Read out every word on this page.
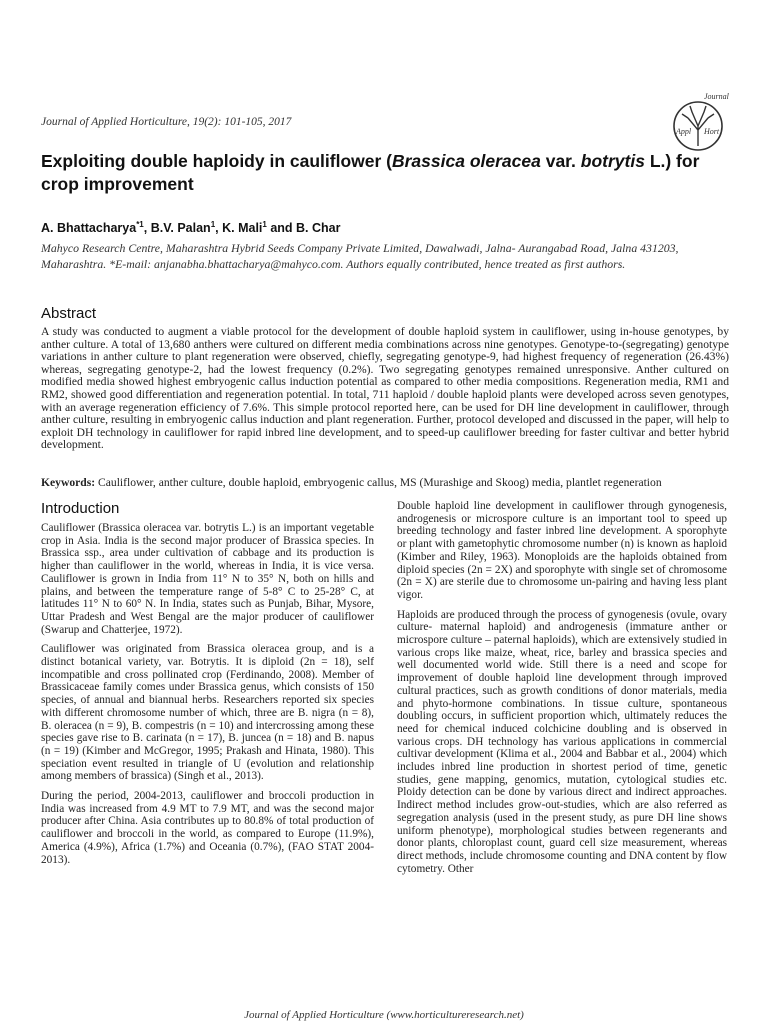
Journal of Applied Horticulture, 19(2): 101-105, 2017
Journal
Appl Hort
Exploiting double haploidy in cauliflower (Brassica oleracea var. botrytis L.) for crop improvement
A. Bhattacharya$^{*1}$, B.V. Palan$^1$, K. Mali$^1$ and B. Char
Mahyco Research Centre, Maharashtra Hybrid Seeds Company Private Limited, Dawalwadi, Jalna- Aurangabad Road, Jalna 431203, Maharashtra. *E-mail: anjanabha.bhattacharya@mahyco.com. Authors equally contributed, hence treated as first authors.
Abstract
A study was conducted to augment a viable protocol for the development of double haploid system in cauliflower, using in-house genotypes, by anther culture. A total of 13,680 anthers were cultured on different media combinations across nine genotypes. Genotype-to-(segregating) genotype variations in anther culture to plant regeneration were observed, chiefly, segregating genotype-9, had highest frequency of regeneration (26.43%) whereas, segregating genotype-2, had the lowest frequency (0.2%). Two segregating genotypes remained unresponsive. Anther cultured on modified media showed highest embryogenic callus induction potential as compared to other media compositions. Regeneration media, RM1 and RM2, showed good differentiation and regeneration potential. In total, 711 haploid / double haploid plants were developed across seven genotypes, with an average regeneration efficiency of 7.6%. This simple protocol reported here, can be used for DH line development in cauliflower, through anther culture, resulting in embryogenic callus induction and plant regeneration. Further, protocol developed and discussed in the paper, will help to exploit DH technology in cauliflower for rapid inbred line development, and to speed-up cauliflower breeding for faster cultivar and better hybrid development.
Keywords: Cauliflower, anther culture, double haploid, embryogenic callus, MS (Murashige and Skoog) media, plantlet regeneration
Introduction

Cauliflower (Brassica oleracea var. botrytis L.) is an important vegetable crop in Asia. India is the second major producer of Brassica species. In Brassica ssp., area under cultivation of cabbage and its production is higher than cauliflower in the world, whereas in India, it is vice versa. Cauliflower is grown in India from 11° N to 35° N, both on hills and plains, and between the temperature range of 5-8° C to 25-28° C, at latitudes 11° N to 60° N. In India, states such as Punjab, Bihar, Mysore, Uttar Pradesh and West Bengal are the major producer of cauliflower (Swarup and Chatterjee, 1972).

Cauliflower was originated from Brassica oleracea group, and is a distinct botanical variety, var. Botrytis. It is diploid (2n = 18), self incompatible and cross pollinated crop (Ferdinando, 2008). Member of Brassicaceae family comes under Brassica genus, which consists of 150 species, of annual and biannual herbs. Researchers reported six species with different chromosome number of which, three are B. nigra (n = 8), B. oleracea (n = 9), B. compestris (n = 10) and intercrossing among these species gave rise to B. carinata (n = 17), B. juncea (n = 18) and B. napus (n = 19) (Kimber and McGregor, 1995; Prakash and Hinata, 1980). This speciation event resulted in triangle of U (evolution and relationship among members of brassica) (Singh et al., 2013).

During the period, 2004-2013, cauliflower and broccoli production in India was increased from 4.9 MT to 7.9 MT, and was the second major producer after China. Asia contributes up to 80.8% of total production of cauliflower and broccoli in the world, as compared to Europe (11.9%), America (4.9%), Africa (1.7%) and Oceania (0.7%), (FAO STAT 2004-2013).

Double haploid line development in cauliflower through gynogenesis, androgenesis or microspore culture is an important tool to speed up breeding technology and faster inbred line development. A sporophyte or plant with gametophytic chromosome number (n) is known as haploid (Kimber and Riley, 1963). Monoploids are the haploids obtained from diploid species (2n = 2X) and sporophyte with single set of chromosome (2n = X) are sterile due to chromosome un-pairing and having less plant vigor.

Haploids are produced through the process of gynogenesis (ovule, ovary culture- maternal haploid) and androgenesis (immature anther or microspore culture – paternal haploids), which are extensively studied in various crops like maize, wheat, rice, barley and brassica species and well documented world wide. Still there is a need and scope for improvement of double haploid line development through improved cultural practices, such as growth conditions of donor materials, media and phyto-hormone combinations. In tissue culture, spontaneous doubling occurs, in sufficient proportion which, ultimately reduces the need for chemical induced colchicine doubling and is observed in various crops. DH technology has various applications in commercial cultivar development (Klima et al., 2004 and Babbar et al., 2004) which includes inbred line production in shortest period of time, genetic studies, gene mapping, genomics, mutation, cytological studies etc. Ploidy detection can be done by various direct and indirect approaches. Indirect method includes grow-out-studies, which are also referred as segregation analysis (used in the present study, as pure DH line shows uniform phenotype), morphological studies between regenerants and donor plants, chloroplast count, guard cell size measurement, whereas direct methods, include chromosome counting and DNA content by flow cytometry. Other

Journal of Applied Horticulture (www.horticultureresearch.net)
